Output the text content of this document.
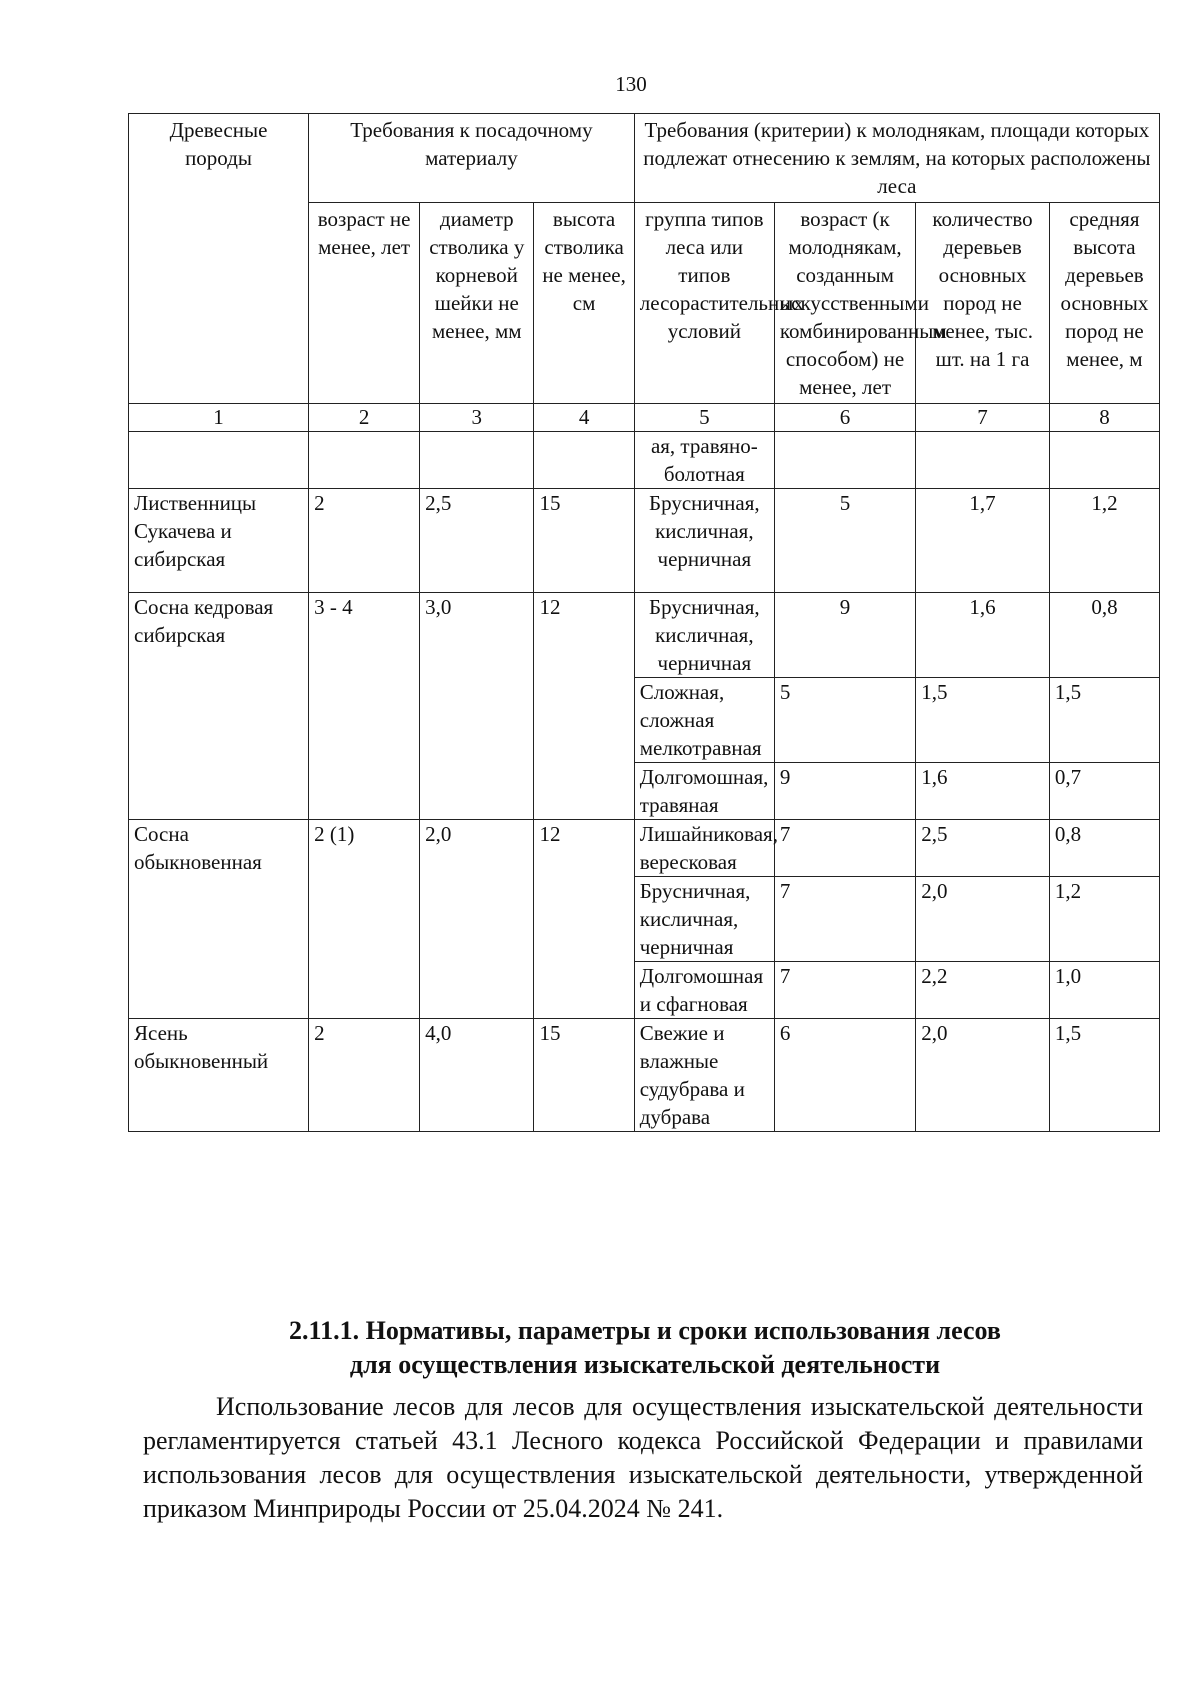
130
Древесные породы	Требования к посадочному материалу			Требования (критерии) к молоднякам, площади которых подлежат отнесению к землям, на которых расположены леса			
	возраст не менее, лет	диаметр стволика у корневой шейки не менее, мм	высота стволика не менее, см	группа типов леса или типов лесорастительных условий	возраст (к молоднякам, созданным искусственными комбинированным способом) не менее, лет	количество деревьев основных пород не менее, тыс. шт. на 1 га	средняя высота деревьев основных пород не менее, м
1	2	3	4	5	6	7	8
				ая, травяно-болотная			
Лиственницы Сукачева и сибирская	2	2,5	15	Брусничная, кисличная, черничная	5	1,7	1,2
Сосна кедровая сибирская	3 - 4	3,0	12	Брусничная, кисличная, черничная	9	1,6	0,8
				Сложная, сложная мелкотравная	5	1,5	1,5
				Долгомошная, травяная	9	1,6	0,7
Сосна обыкновенная	2 (1)	2,0	12	Лишайниковая, вересковая	7	2,5	0,8
				Брусничная, кисличная, черничная	7	2,0	1,2
				Долгомошная и сфагновая	7	2,2	1,0
Ясень обыкновенный	2	4,0	15	Свежие и влажные судубрава и дубрава	6	2,0	1,5
2.11.1. Нормативы, параметры и сроки использования лесов
для осуществления изыскательской деятельности
Использование лесов для лесов для осуществления изыскательской деятельности регламентируется статьей 43.1 Лесного кодекса Российской Федерации и правилами использования лесов для осуществления изыскательской деятельности, утвержденной приказом Минприроды России от 25.04.2024 № 241.
